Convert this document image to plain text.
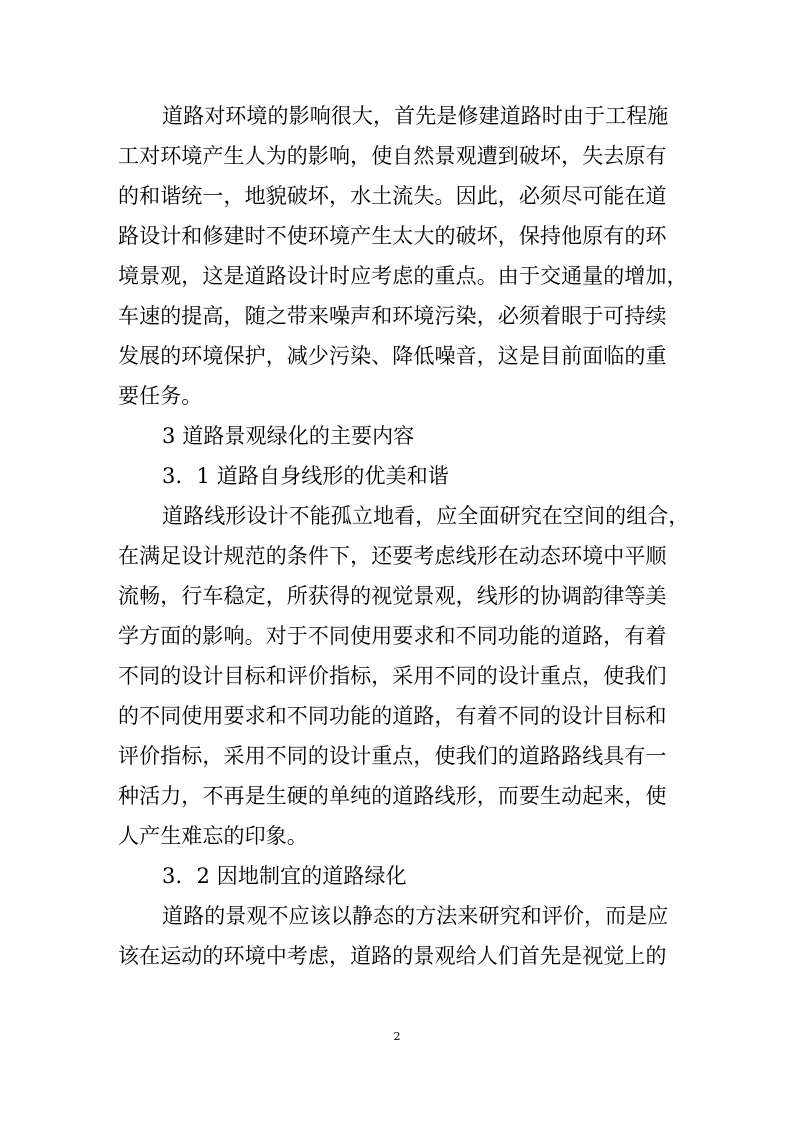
道路对环境的影响很大，首先是修建道路时由于工程施
工对环境产生人为的影响，使自然景观遭到破坏，失去原有
的和谐统一，地貌破坏，水土流失。因此，必须尽可能在道
路设计和修建时不使环境产生太大的破坏，保持他原有的环
境景观，这是道路设计时应考虑的重点。由于交通量的增加，
车速的提高，随之带来噪声和环境污染，必须着眼于可持续
发展的环境保护，减少污染、降低噪音，这是目前面临的重
要任务。
3 道路景观绿化的主要内容
3．1 道路自身线形的优美和谐
道路线形设计不能孤立地看，应全面研究在空间的组合，
在满足设计规范的条件下，还要考虑线形在动态环境中平顺
流畅，行车稳定，所获得的视觉景观，线形的协调韵律等美
学方面的影响。对于不同使用要求和不同功能的道路，有着
不同的设计目标和评价指标，采用不同的设计重点，使我们
的不同使用要求和不同功能的道路，有着不同的设计目标和
评价指标，采用不同的设计重点，使我们的道路路线具有一
种活力，不再是生硬的单纯的道路线形，而要生动起来，使
人产生难忘的印象。
3．2 因地制宜的道路绿化
道路的景观不应该以静态的方法来研究和评价，而是应
该在运动的环境中考虑，道路的景观给人们首先是视觉上的
2
